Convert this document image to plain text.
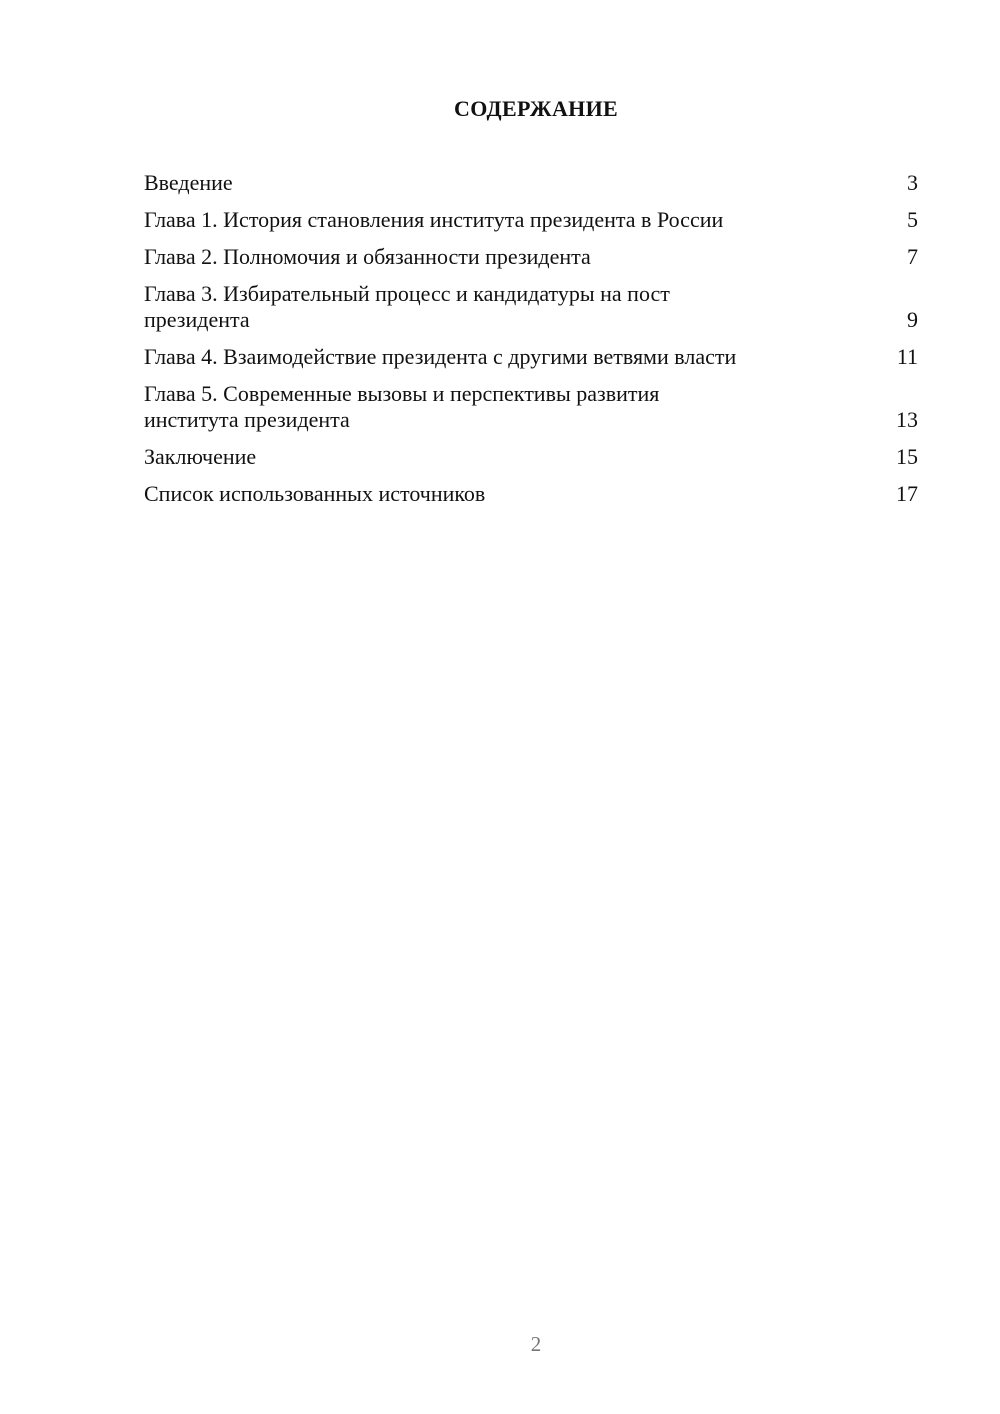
СОДЕРЖАНИЕ
Введение	3
Глава 1. История становления института президента в России	5
Глава 2. Полномочия и обязанности президента	7
Глава 3. Избирательный процесс и кандидатуры на пост
президента	9
Глава 4. Взаимодействие президента с другими ветвями власти	11
Глава 5. Современные вызовы и перспективы развития
института президента	13
Заключение	15
Список использованных источников	17
2
